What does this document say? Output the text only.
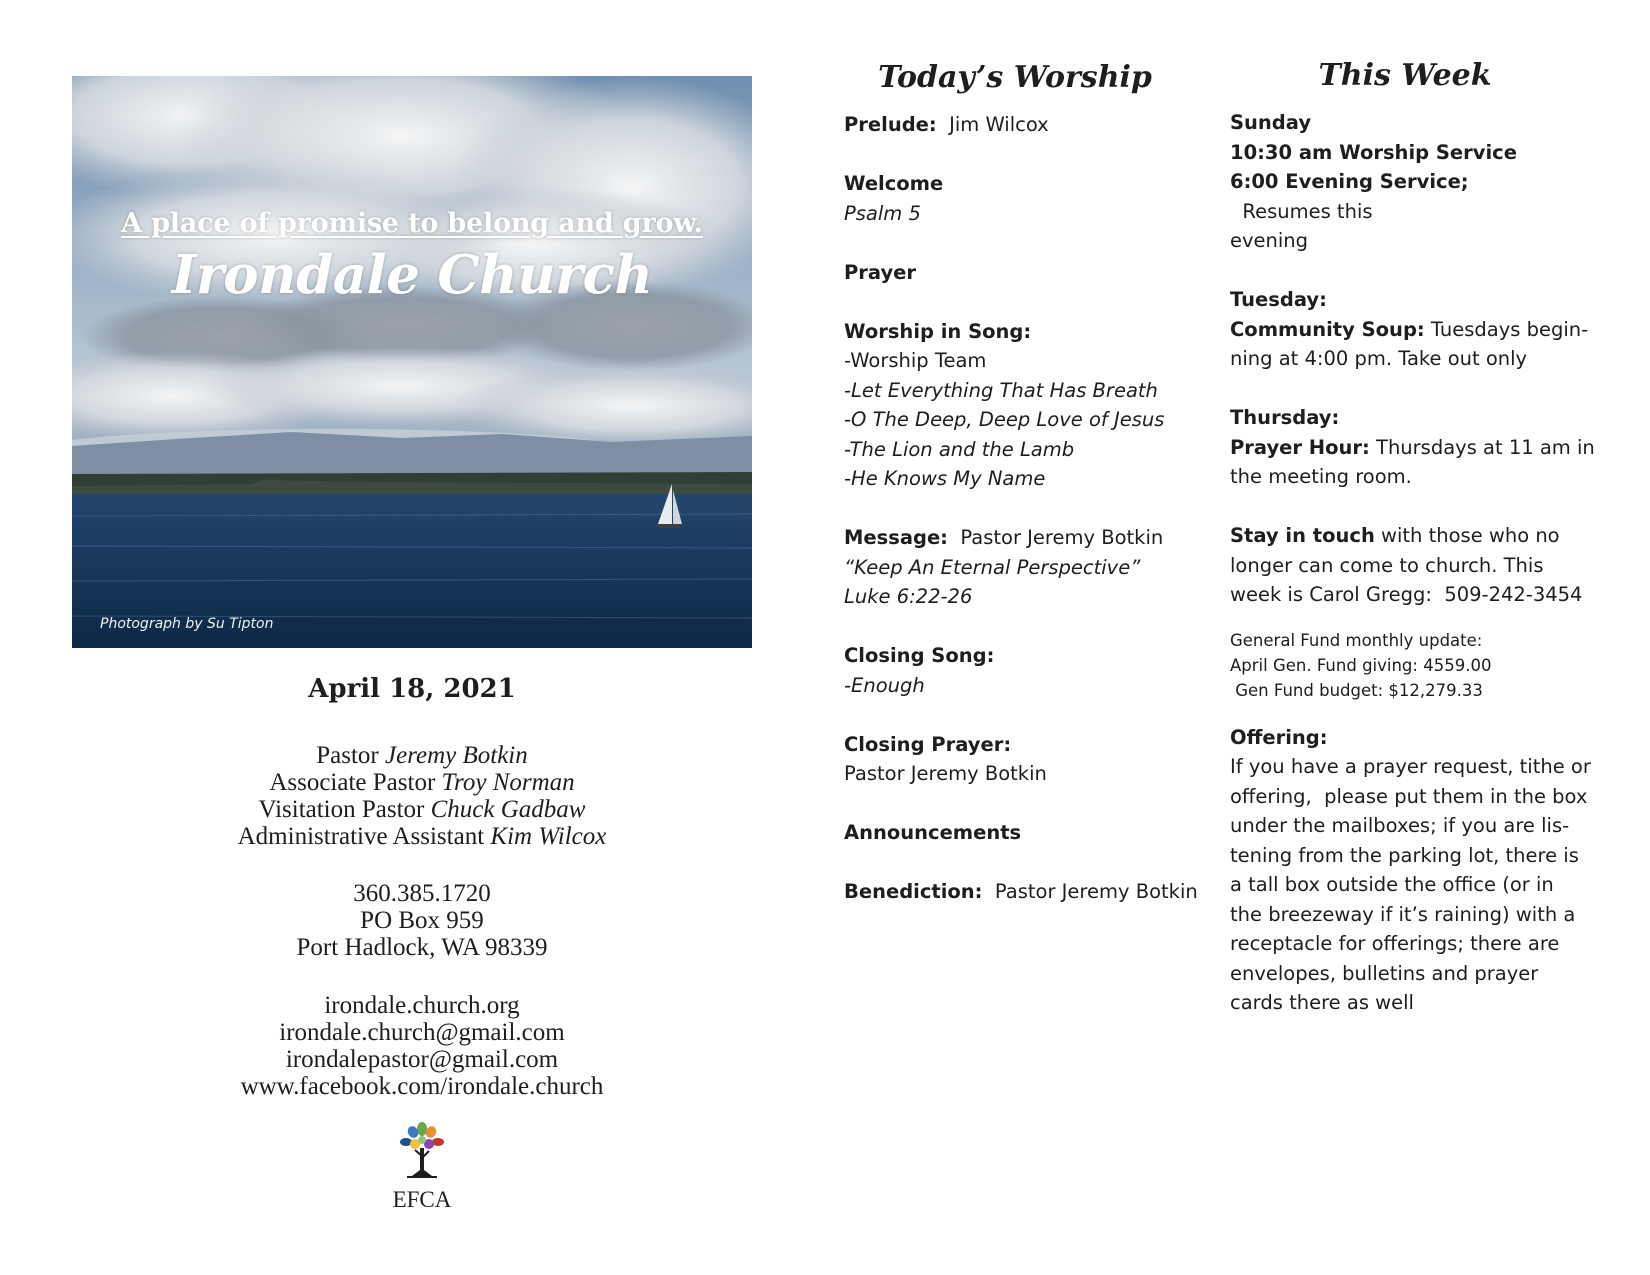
A place of promise to belong and grow.
Irondale Church
Photograph by Su Tipton
April 18, 2021
Pastor Jeremy Botkin
Associate Pastor Troy Norman
Visitation Pastor Chuck Gadbaw
Administrative Assistant Kim Wilcox
360.385.1720
PO Box 959
Port Hadlock, WA 98339
irondale.church.org
irondale.church@gmail.com
irondalepastor@gmail.com
www.facebook.com/irondale.church
EFCA
Today’s Worship
Prelude:  Jim Wilcox
Welcome
Psalm 5
Prayer
Worship in Song:
-Worship Team
-Let Everything That Has Breath
-O The Deep, Deep Love of Jesus
-The Lion and the Lamb
-He Knows My Name
Message:  Pastor Jeremy Botkin
“Keep An Eternal Perspective”
Luke 6:22-26
Closing Song:
-Enough
Closing Prayer:
Pastor Jeremy Botkin
Announcements
Benediction:  Pastor Jeremy Botkin
This Week
Sunday
10:30 am Worship Service
6:00 Evening Service;  Resumes this
evening
Tuesday:
Community Soup: Tuesdays begin-
ning at 4:00 pm. Take out only
Thursday:
Prayer Hour: Thursdays at 11 am in
the meeting room.
Stay in touch with those who no
longer can come to church. This
week is Carol Gregg:  509-242-3454
General Fund monthly update:
April Gen. Fund giving: 4559.00
Gen Fund budget: $12,279.33
Offering:
If you have a prayer request, tithe or
offering,  please put them in the box
under the mailboxes; if you are lis-
tening from the parking lot, there is
a tall box outside the office (or in
the breezeway if it’s raining) with a
receptacle for offerings; there are
envelopes, bulletins and prayer
cards there as well
